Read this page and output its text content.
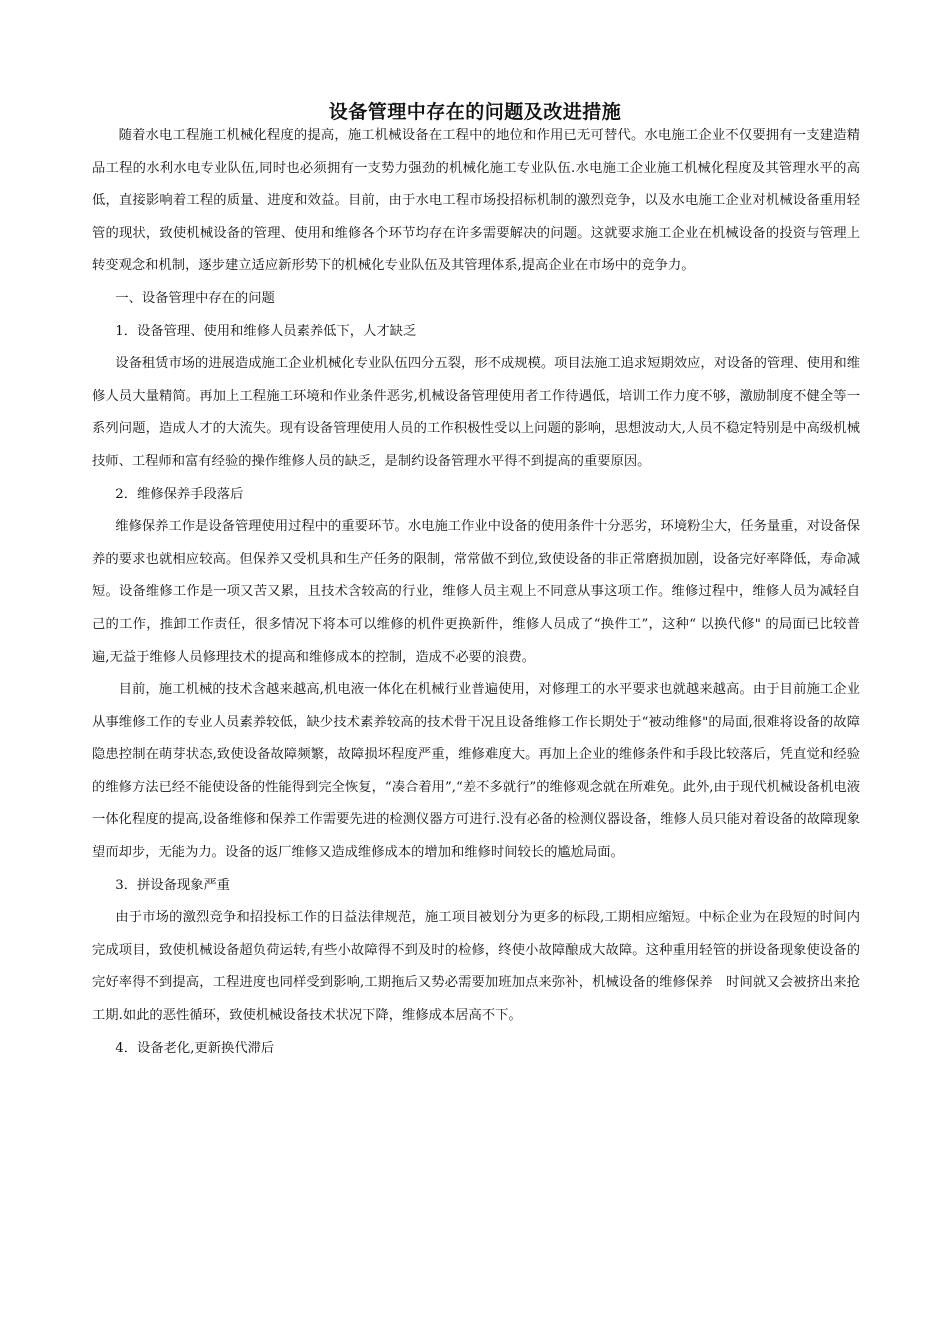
设备管理中存在的问题及改进措施

随着水电工程施工机械化程度的提高，施工机械设备在工程中的地位和作用已无可替代。水电施工企业不仅要拥有一支建造精品工程的水利水电专业队伍,同时也必须拥有一支势力强劲的机械化施工专业队伍.水电施工企业施工机械化程度及其管理水平的高低，直接影响着工程的质量、进度和效益。目前，由于水电工程市场投招标机制的激烈竞争，以及水电施工企业对机械设备重用轻管的现状，致使机械设备的管理、使用和维修各个环节均存在许多需要解决的问题。这就要求施工企业在机械设备的投资与管理上转变观念和机制，逐步建立适应新形势下的机械化专业队伍及其管理体系,提高企业在市场中的竞争力。

一、设备管理中存在的问题

1．设备管理、使用和维修人员素养低下，人才缺乏

设备租赁市场的进展造成施工企业机械化专业队伍四分五裂，形不成规模。项目法施工追求短期效应，对设备的管理、使用和维修人员大量精简。再加上工程施工环境和作业条件恶劣,机械设备管理使用者工作待遇低，培训工作力度不够，激励制度不健全等一系列问题，造成人才的大流失。现有设备管理使用人员的工作积极性受以上问题的影响，思想波动大,人员不稳定特别是中高级机械技师、工程师和富有经验的操作维修人员的缺乏，是制约设备管理水平得不到提高的重要原因。

2．维修保养手段落后

维修保养工作是设备管理使用过程中的重要环节。水电施工作业中设备的使用条件十分恶劣，环境粉尘大，任务量重，对设备保养的要求也就相应较高。但保养又受机具和生产任务的限制，常常做不到位,致使设备的非正常磨损加剧，设备完好率降低，寿命减短。设备维修工作是一项又苦又累，且技术含较高的行业，维修人员主观上不同意从事这项工作。维修过程中，维修人员为减轻自己的工作，推卸工作责任，很多情况下将本可以维修的机件更换新件，维修人员成了“换件工”，这种“ 以换代修" 的局面已比较普遍,无益于维修人员修理技术的提高和维修成本的控制，造成不必要的浪费。

目前，施工机械的技术含越来越高,机电液一体化在机械行业普遍使用，对修理工的水平要求也就越来越高。由于目前施工企业从事维修工作的专业人员素养较低，缺少技术素养较高的技术骨干况且设备维修工作长期处于“被动维修"的局面,很难将设备的故障隐患控制在萌芽状态,致使设备故障频繁，故障损坏程度严重，维修难度大。再加上企业的维修条件和手段比较落后，凭直觉和经验的维修方法已经不能使设备的性能得到完全恢复，“凑合着用”,“差不多就行”的维修观念就在所难免。此外,由于现代机械设备机电液一体化程度的提高,设备维修和保养工作需要先进的检测仪器方可进行.没有必备的检测仪器设备，维修人员只能对着设备的故障现象望而却步，无能为力。设备的返厂维修又造成维修成本的增加和维修时间较长的尴尬局面。

3．拼设备现象严重

由于市场的激烈竞争和招投标工作的日益法律规范，施工项目被划分为更多的标段,工期相应缩短。中标企业为在段短的时间内完成项目，致使机械设备超负荷运转,有些小故障得不到及时的检修，终使小故障酿成大故障。这种重用轻管的拼设备现象使设备的完好率得不到提高，工程进度也同样受到影响,工期拖后又势必需要加班加点来弥补，机械设备的维修保养　时间就又会被挤出来抢工期.如此的恶性循环，致使机械设备技术状况下降，维修成本居高不下。

4．设备老化,更新换代滞后
